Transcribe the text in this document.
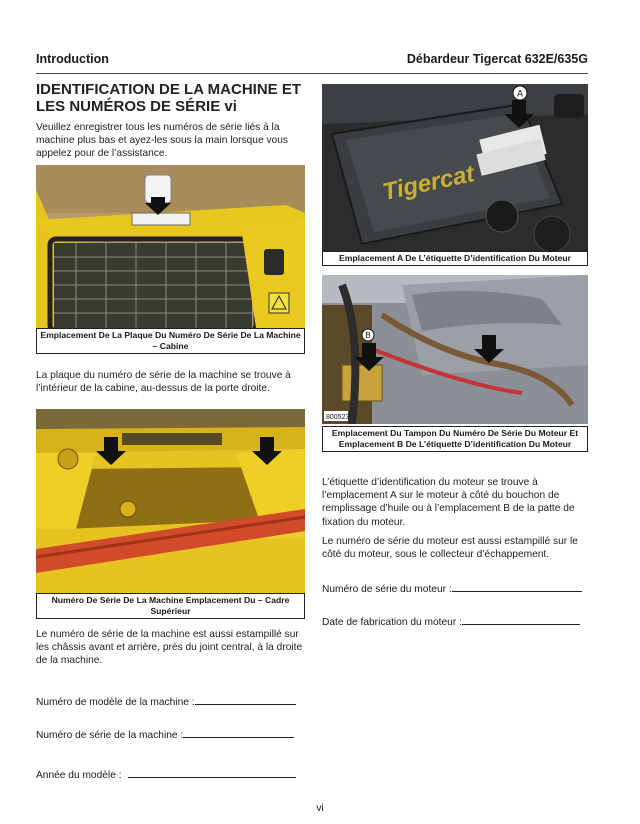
Introduction	Débardeur Tigercat 632E/635G
IDENTIFICATION DE LA MACHINE ET LES NUMÉROS DE SÉRIE vi
Veuillez enregistrer tous les numéros de série liés à la machine plus bas et ayez-les sous la main lorsque vous appelez pour de l’assistance.
Emplacement De La Plaque Du Numéro De Série De La Machine – Cabine
La plaque du numéro de série de la machine se trouve à l’intérieur de la cabine, au-dessus de la porte droite.
Numéro De Série De La Machine Emplacement Du – Cadre Supérieur
Le numéro de série de la machine est aussi estampillé sur les châssis avant et arrière, près du joint central, à la droite de la machine.
Numéro de modèle de la machine :
Numéro de série de la machine :
Année du modèle :
Tigercat
A
Emplacement A De L’étiquette D’identification Du Moteur
B
800523
Emplacement Du Tampon Du Numéro De Série Du Moteur Et Emplacement B De L’étiquette D’identification Du Moteur
L’étiquette d’identification du moteur se trouve à l’emplacement A sur le moteur à côté du bouchon de remplissage d’huile ou à l’emplacement B de la patte de fixation du moteur.
Le numéro de série du moteur est aussi estampillé sur le côté du moteur, sous le collecteur d’échappement.
Numéro de série du moteur :
Date de fabrication du moteur :
vi
